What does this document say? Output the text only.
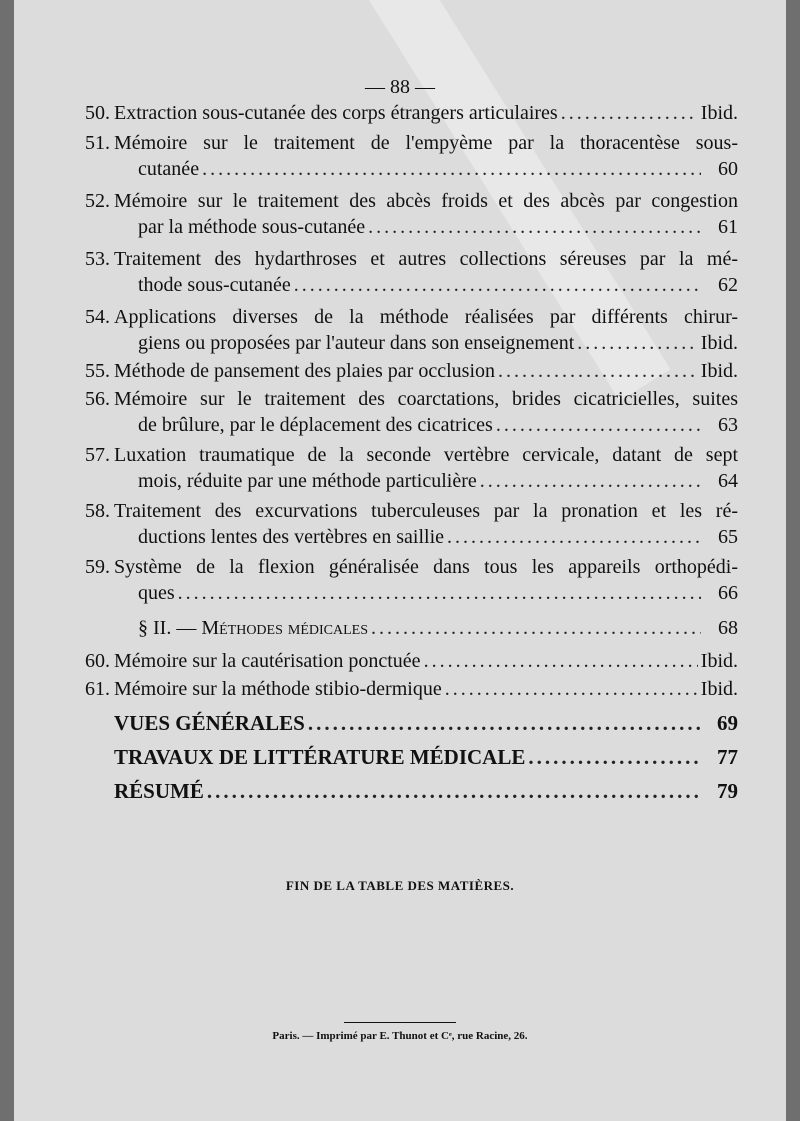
— 88 —
50. Extraction sous-cutanée des corps étrangers articulaires .....	Ibid.
51. Mémoire sur le traitement de l'empyème par la thoracentèse sous-
cutanée .....	60
52. Mémoire sur le traitement des abcès froids et des abcès par congestion
par la méthode sous-cutanée .....	61
53. Traitement des hydarthroses et autres collections séreuses par la mé-
thode sous-cutanée .....	62
54. Applications diverses de la méthode réalisées par différents chirur-
giens ou proposées par l'auteur dans son enseignement .....	Ibid.
55. Méthode de pansement des plaies par occlusion .....	Ibid.
56. Mémoire sur le traitement des coarctations, brides cicatricielles, suites
de brûlure, par le déplacement des cicatrices .....	63
57. Luxation traumatique de la seconde vertèbre cervicale, datant de sept
mois, réduite par une méthode particulière .....	64
58. Traitement des excurvations tuberculeuses par la pronation et les ré-
ductions lentes des vertèbres en saillie .....	65
59. Système de la flexion généralisée dans tous les appareils orthopédi-
ques .....	66
§ II. — Méthodes médicales .....	68
60. Mémoire sur la cautérisation ponctuée .....	Ibid.
61. Mémoire sur la méthode stibio-dermique .....	Ibid.
VUES GÉNÉRALES .....	69
TRAVAUX DE LITTÉRATURE MÉDICALE .....	77
RÉSUMÉ .....	79
FIN DE LA TABLE DES MATIÈRES.
Paris. — Imprimé par E. Thunot et Cᵉ, rue Racine, 26.
